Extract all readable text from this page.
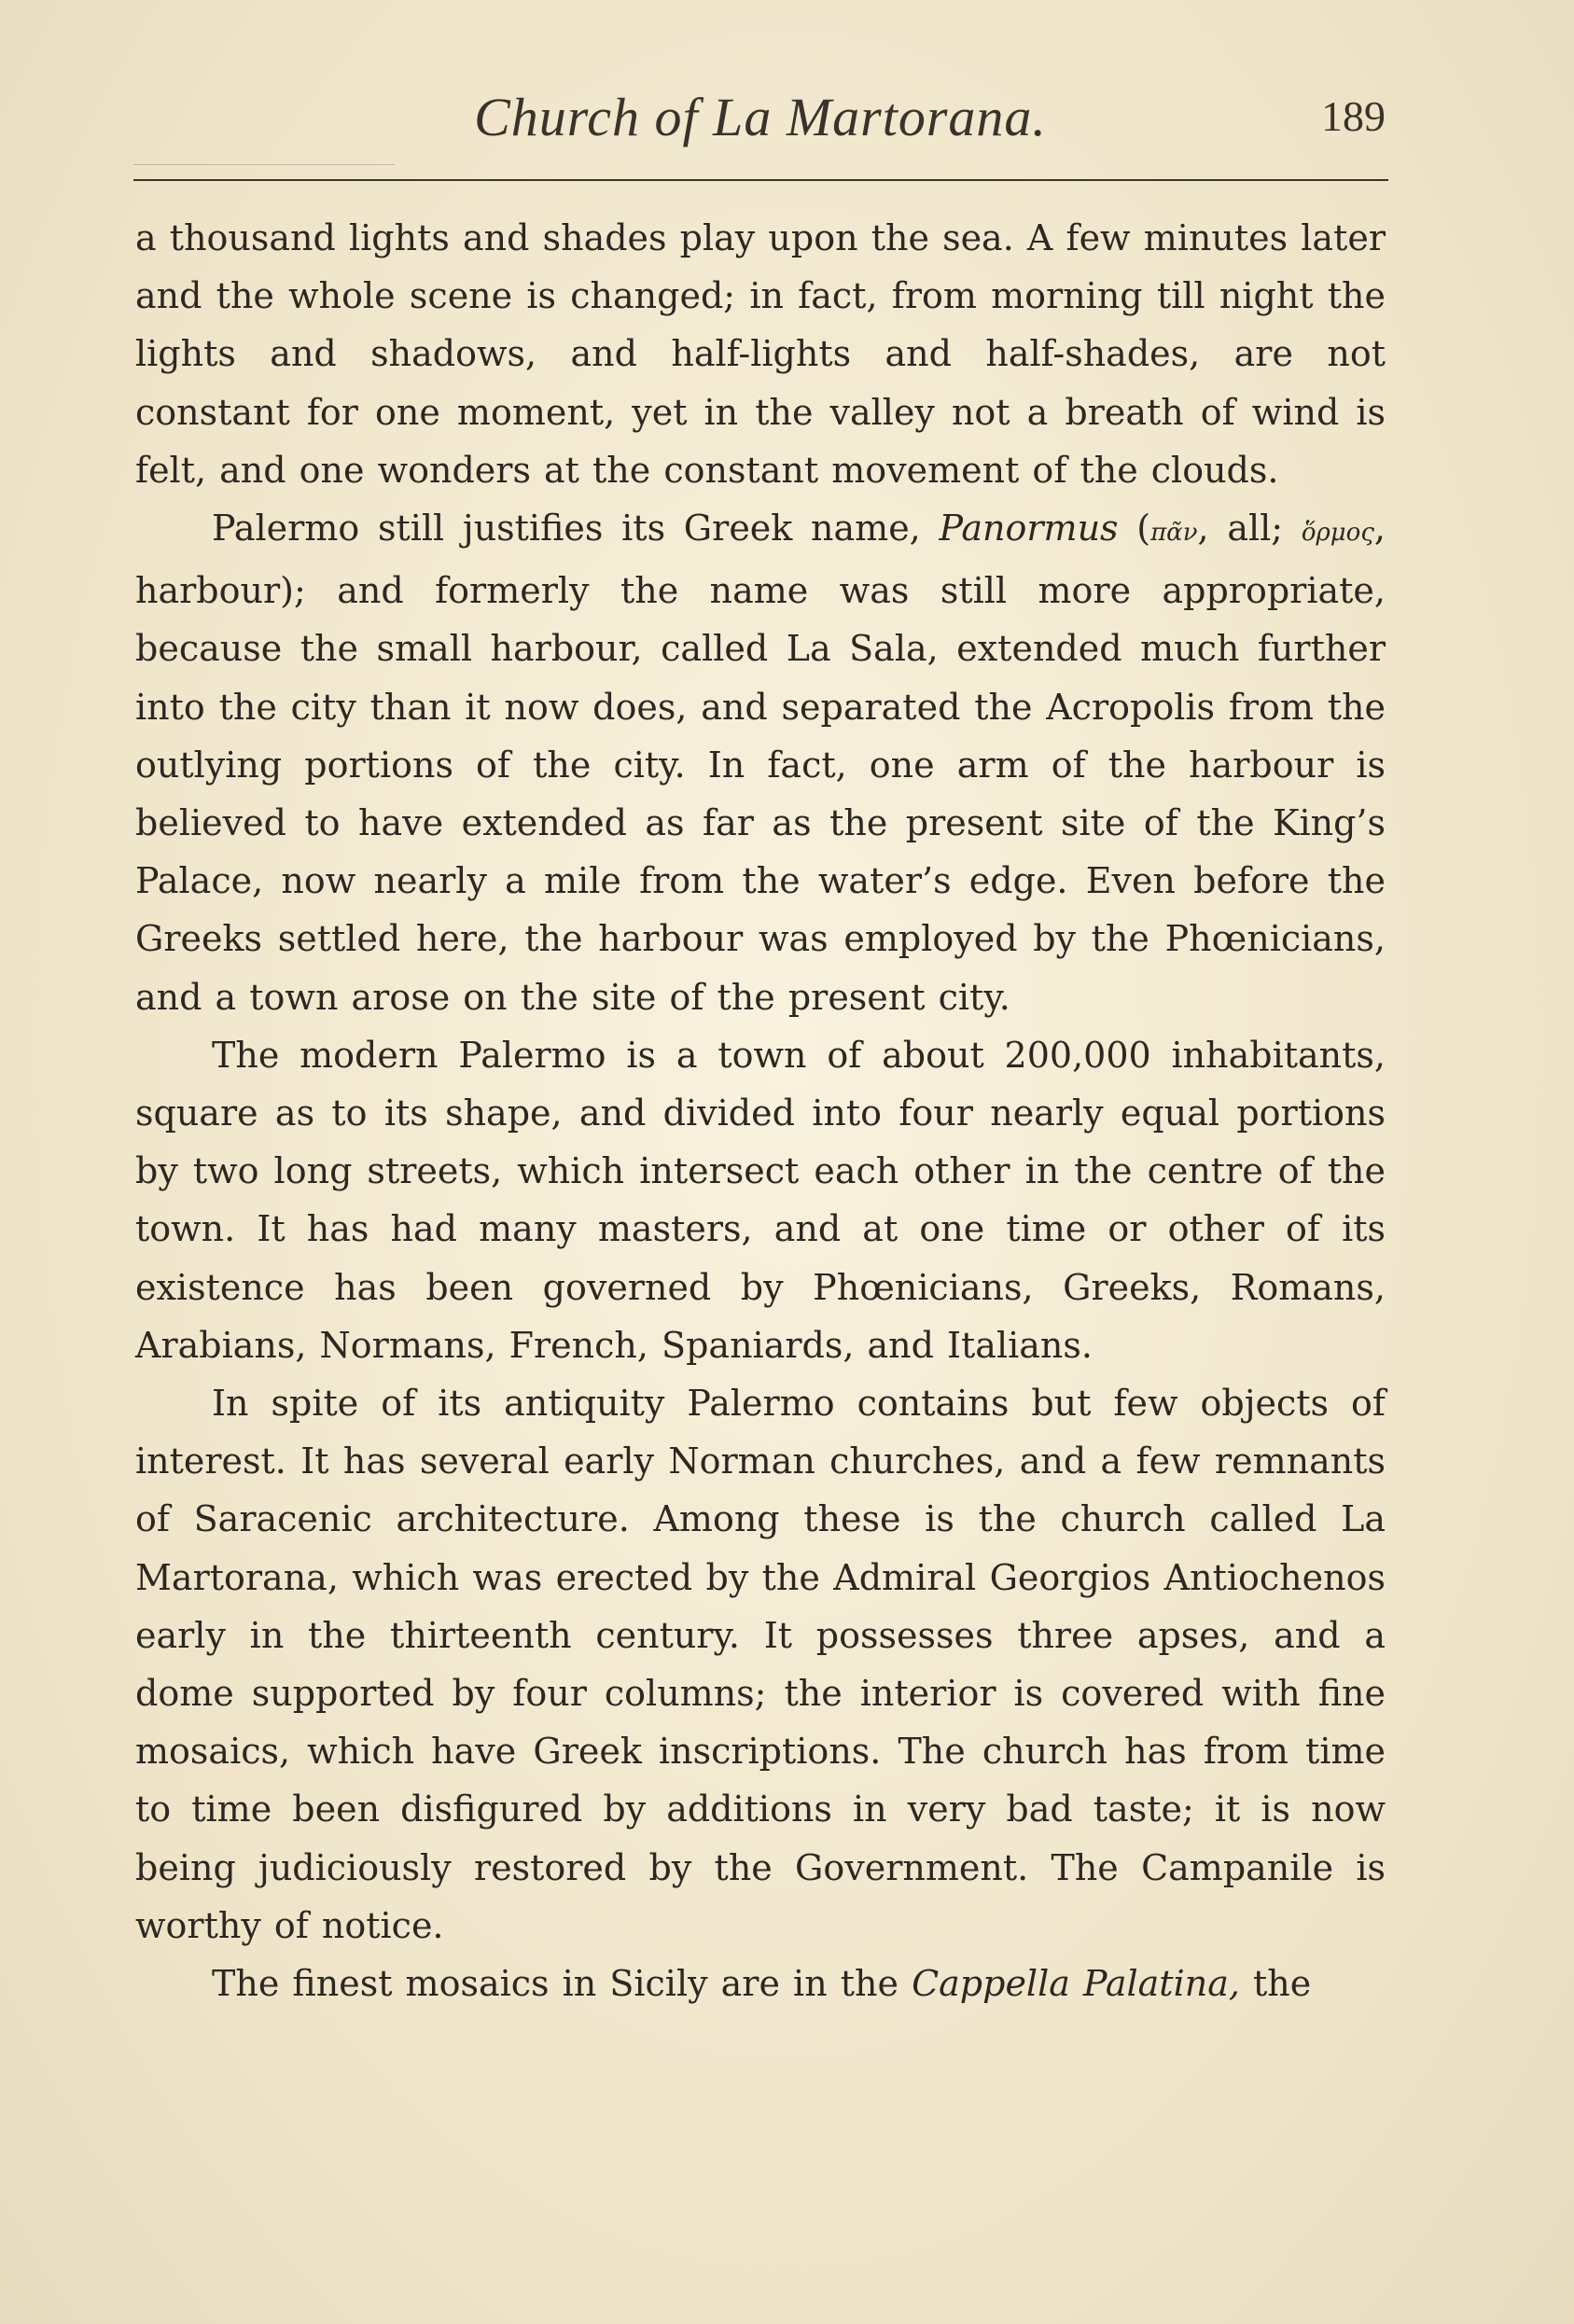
Church of La Martorana.	189

a thousand lights and shades play upon the sea. A few minutes later and the whole scene is changed; in fact, from morning till night the lights and shadows, and half-lights and half-shades, are not constant for one moment, yet in the valley not a breath of wind is felt, and one wonders at the constant movement of the clouds.

Palermo still justifies its Greek name, Panormus (πᾶν, all; ὅρμος, harbour); and formerly the name was still more appropriate, because the small harbour, called La Sala, extended much further into the city than it now does, and separated the Acropolis from the outlying portions of the city. In fact, one arm of the harbour is believed to have extended as far as the present site of the King’s Palace, now nearly a mile from the water’s edge. Even before the Greeks settled here, the harbour was employed by the Phœnicians, and a town arose on the site of the present city.

The modern Palermo is a town of about 200,000 inhabitants, square as to its shape, and divided into four nearly equal portions by two long streets, which intersect each other in the centre of the town. It has had many masters, and at one time or other of its existence has been governed by Phœnicians, Greeks, Romans, Arabians, Normans, French, Spaniards, and Italians.

In spite of its antiquity Palermo contains but few objects of interest. It has several early Norman churches, and a few remnants of Saracenic architecture. Among these is the church called La Martorana, which was erected by the Admiral Georgios Antiochenos early in the thirteenth century. It possesses three apses, and a dome supported by four columns; the interior is covered with fine mosaics, which have Greek inscriptions. The church has from time to time been disfigured by additions in very bad taste; it is now being judiciously restored by the Government. The Campanile is worthy of notice.

The finest mosaics in Sicily are in the Cappella Palatina, the
